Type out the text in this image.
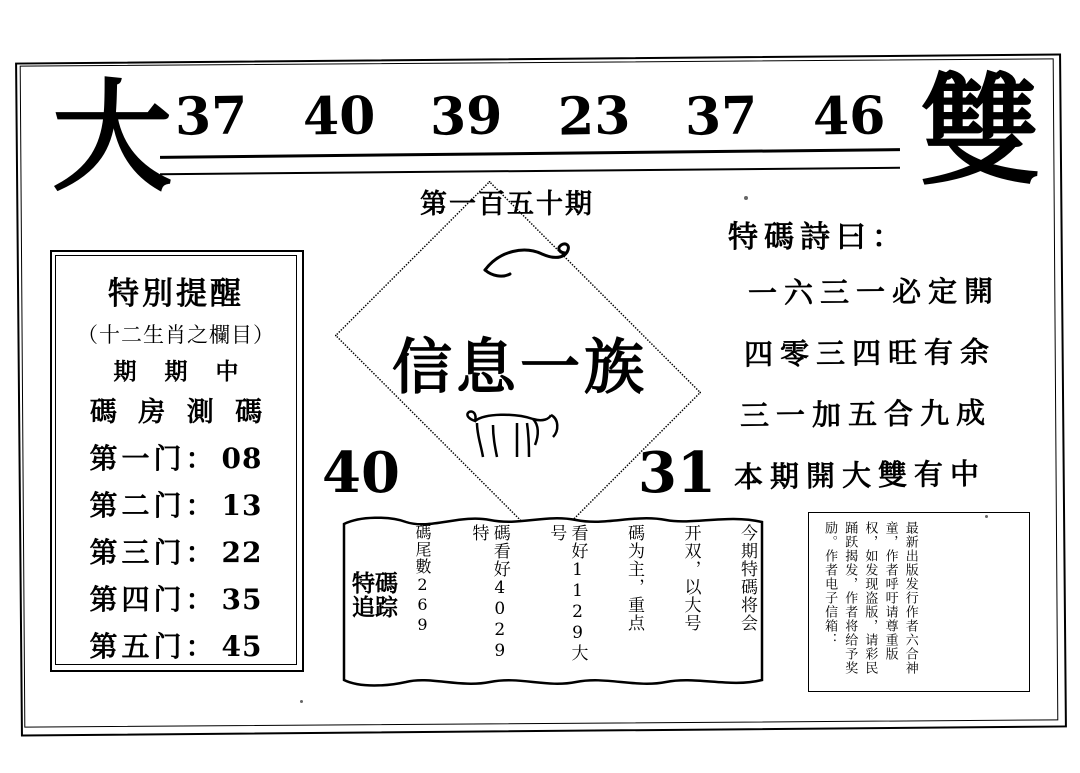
大	雙
37 40 39 23 37 46
第一百五十期
特別提醒
（十二生肖之欄目）
期 期 中
碼 房 測 碼
第一门： 08
第二门： 13
第三门： 22
第四门： 35
第五门： 45
信息一族
40	31
特碼詩曰：
一六三一必定開
四零三四旺有余
三一加五合九成
本期開大雙有中
特碼追踪	今期特碼将会
开双，以大号
碼为主，重点
看好1129大号
碼看好4029特
碼尾數269	最新出版发行作者六合神童，作者呼吁请尊重版权，如发现盗版，请彩民踊跃揭发，作者将给予奖励。作者电子信箱：
